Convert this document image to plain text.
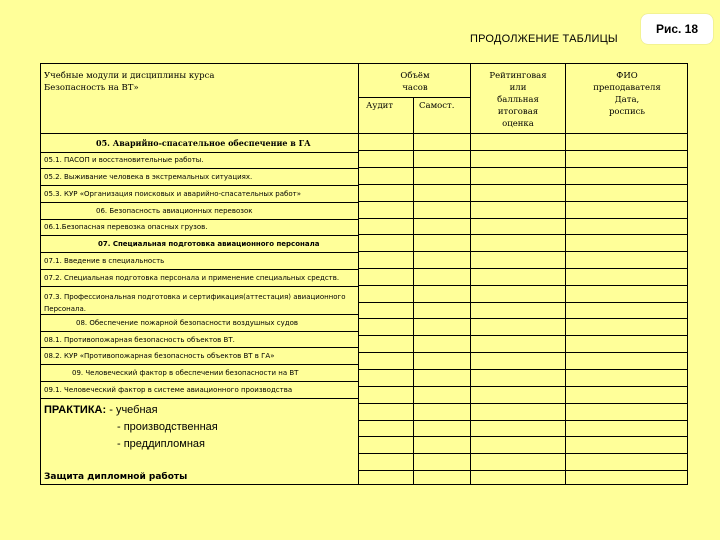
Рис. 18
ПРОДОЛЖЕНИЕ ТАБЛИЦЫ
Учебные модули и дисциплины курса
Безопасность на ВТ»
Объём
часов
Аудит	Самост.
Рейтинговая
или
балльная
итоговая
оценка
ФИО
преподавателя
Дата,
роспись
05. Аварийно-спасательное обеспечение в ГА
05.1. ПАСОП и восстановительные работы.
05.2. Выживание человека в экстремальных ситуациях.
05.3. КУР «Организация поисковых и аварийно-спасательных работ»
06. Безопасность авиационных перевозок
06.1.Безопасная перевозка опасных грузов.
07. Специальная подготовка авиационного персонала
07.1. Введение в специальность
07.2. Специальная подготовка персонала и применение специальных средств.
07.3. Профессиональная подготовка и сертификация(аттестация) авиационного
Персонала.
08. Обеспечение пожарной безопасности воздушных судов
08.1. Противопожарная безопасность объектов ВТ.
08.2. КУР «Противопожарная безопасность объектов ВТ в ГА»
09. Человеческий фактор в обеспечении безопасности на ВТ
09.1. Человеческий фактор в системе авиационного производства
ПРАКТИКА: - учебная
- производственная
- преддипломная
Защита дипломной работы
